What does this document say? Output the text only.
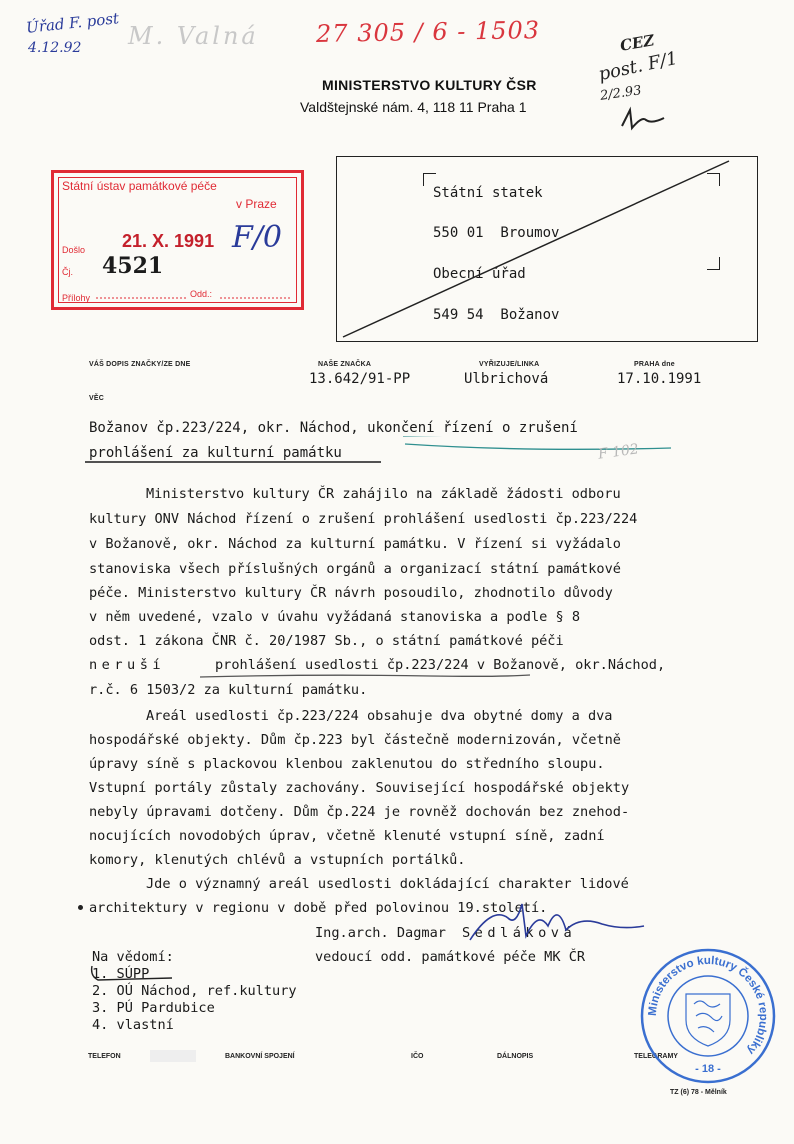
Úřad F. post
4.12.92 M. Valná 27 305 / 6 - 1503	CEZ
post. F/1
2/2.93
MINISTERSTVO KULTURY ČSR
Valdštejnské nám. 4, 118 11 Praha 1
Státní statek
550 01  Broumov
Obecní úřad
549 54  Božanov
Státní ústav památkové péče
v Praze
Došlo 21. X. 1991
Čj. 4521
Přílohy	Odd.:
F/0
VÁŠ DOPIS ZNAČKY/ZE DNE	NAŠE ZNAČKA
13.642/91-PP
VYŘIZUJE/LINKA
Ulbrichová
PRAHA dne
17.10.1991
VĚC
Božanov čp.223/224, okr. Náchod, ukončení řízení o zrušení
prohlášení za kulturní památku	F 102
Ministerstvo kultury ČR zahájilo na základě žádosti odboru
kultury ONV Náchod řízení o zrušení prohlášení usedlosti čp.223/224
v Božanově, okr. Náchod za kulturní památku. V řízení si vyžádalo
stanoviska všech příslušných orgánů a organizací státní památkové
péče. Ministerstvo kultury ČR návrh posoudilo, zhodnotilo důvody
v něm uvedené, vzalo v úvahu vyžádaná stanoviska a podle § 8
odst. 1 zákona ČNR č. 20/1987 Sb., o státní památkové péči
neruší	prohlášení usedlosti čp.223/224 v Božanově, okr.Náchod,
r.č. 6 1503/2 za kulturní památku.
Areál usedlosti čp.223/224 obsahuje dva obytné domy a dva
hospodářské objekty. Dům čp.223 byl částečně modernizován, včetně
úpravy síně s plackovou klenbou zaklenutou do středního sloupu.
Vstupní portály zůstaly zachovány. Související hospodářské objekty
nebyly úpravami dotčeny. Dům čp.224 je rovněž dochován bez znehod-
nocujících novodobých úprav, včetně klenuté vstupní síně, zadní
komory, klenutých chlévů a vstupních portálků.
Jde o významný areál usedlosti dokládající charakter lidové
architektury v regionu v době před polovinou 19.století.
Ing.arch. Dagmar Sedláková
vedoucí odd. památkové péče MK ČR
Na vědomí:
1. SÚPP
2. OÚ Náchod, ref.kultury
3. PÚ Pardubice
4. vlastní
TELEFON	BANKOVNÍ SPOJENÍ	IČO	DÁLNOPIS	TELEGRAMY
TZ (6) 78 - Mělník
Ministerstvo kultury České republiky
- 18 -
